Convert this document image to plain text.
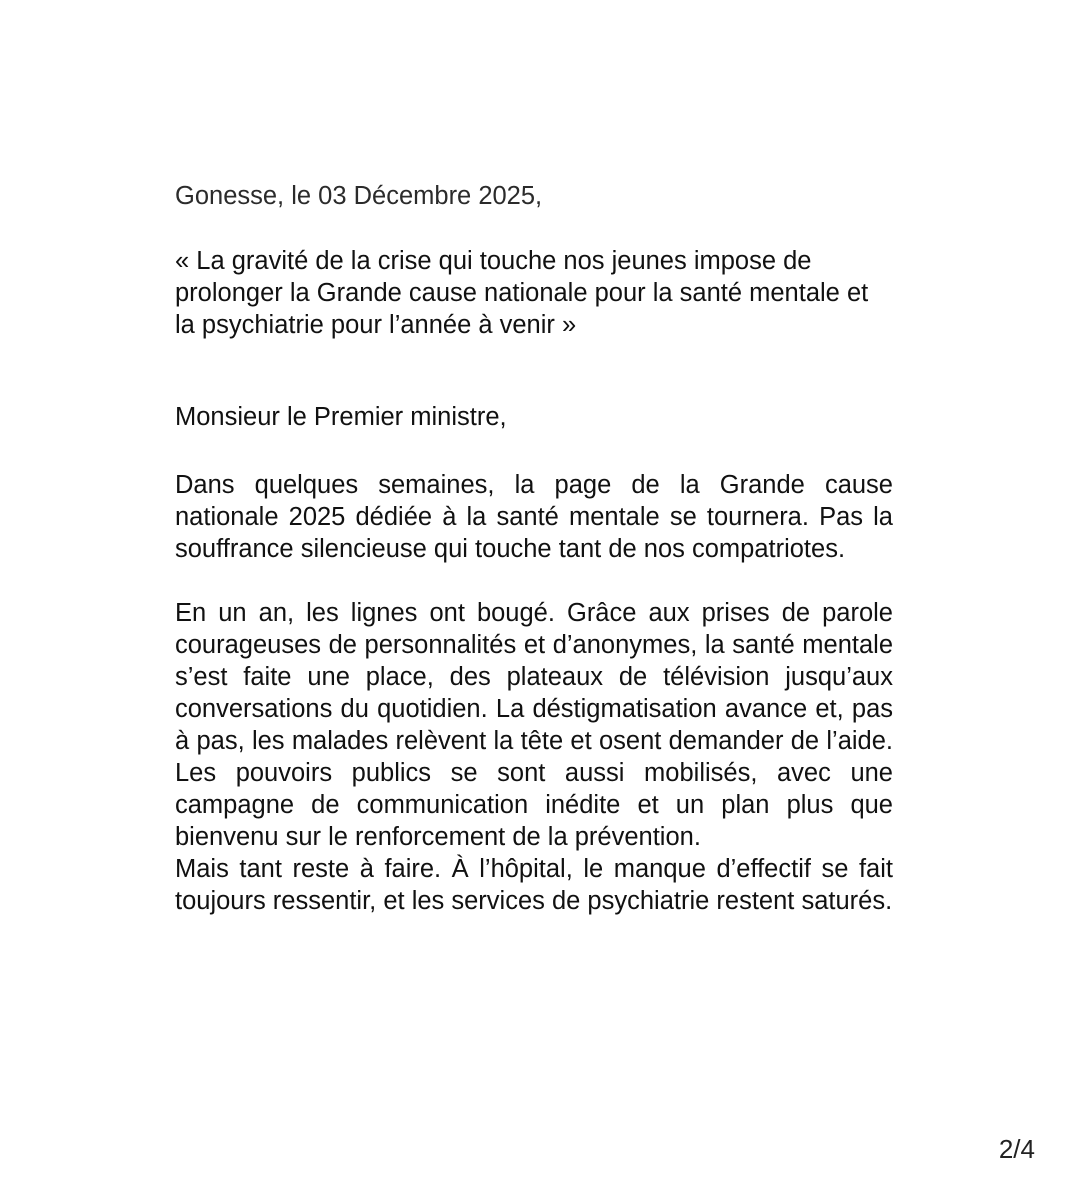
Gonesse, le 03 Décembre 2025,

« La gravité de la crise qui touche nos jeunes impose de prolonger la Grande cause nationale pour la santé mentale et la psychiatrie pour l’année à venir »

Monsieur le Premier ministre,

Dans quelques semaines, la page de la Grande cause nationale 2025 dédiée à la santé mentale se tournera. Pas la souffrance silencieuse qui touche tant de nos compatriotes.

En un an, les lignes ont bougé. Grâce aux prises de parole courageuses de personnalités et d’anonymes, la santé mentale s’est faite une place, des plateaux de télévision jusqu’aux conversations du quotidien. La déstigmatisation avance et, pas à pas, les malades relèvent la tête et osent demander de l’aide. Les pouvoirs publics se sont aussi mobilisés, avec une campagne de communication inédite et un plan plus que bienvenu sur le renforcement de la prévention.

Mais tant reste à faire. À l’hôpital, le manque d’effectif se fait toujours ressentir, et les services de psychiatrie restent saturés.

2/4
